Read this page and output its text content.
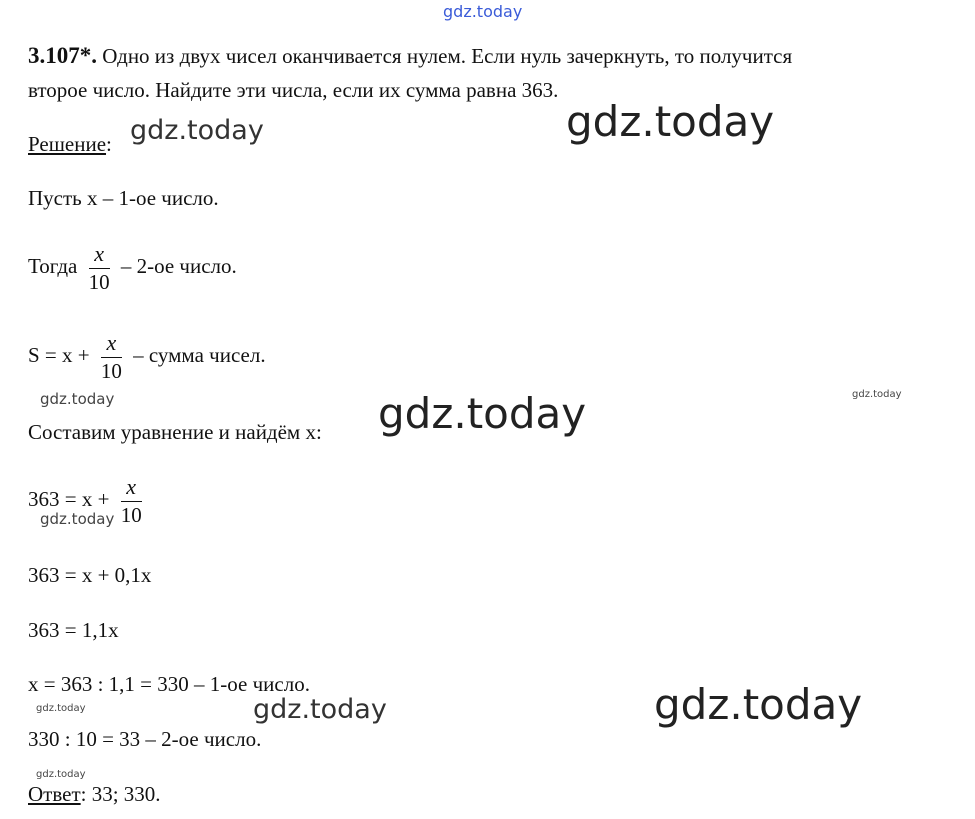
gdz.today
gdz.today	gdz.today
gdz.today	gdz.today
gdz.today
gdz.today
gdz.today	gdz.today	gdz.today
gdz.today
3.107*. Одно из двух чисел оканчивается нулем. Если нуль зачеркнуть, то получится
второе число. Найдите эти числа, если их сумма равна 363.
Решение:
Пусть х – 1-ое число.
Тогда $\frac{x}{10} - 2-ое$ число.
$S = x + \frac{x}{10}$ – сумма чисел.
Составим уравнение и найдём х:
$363 = x + \frac{x}{10}$
363 = x + 0,1x
363 = 1,1x
x = 363 : 1,1 = 330 – 1-ое число.
330 : 10 = 33 – 2-ое число.
Ответ: 33; 330.
